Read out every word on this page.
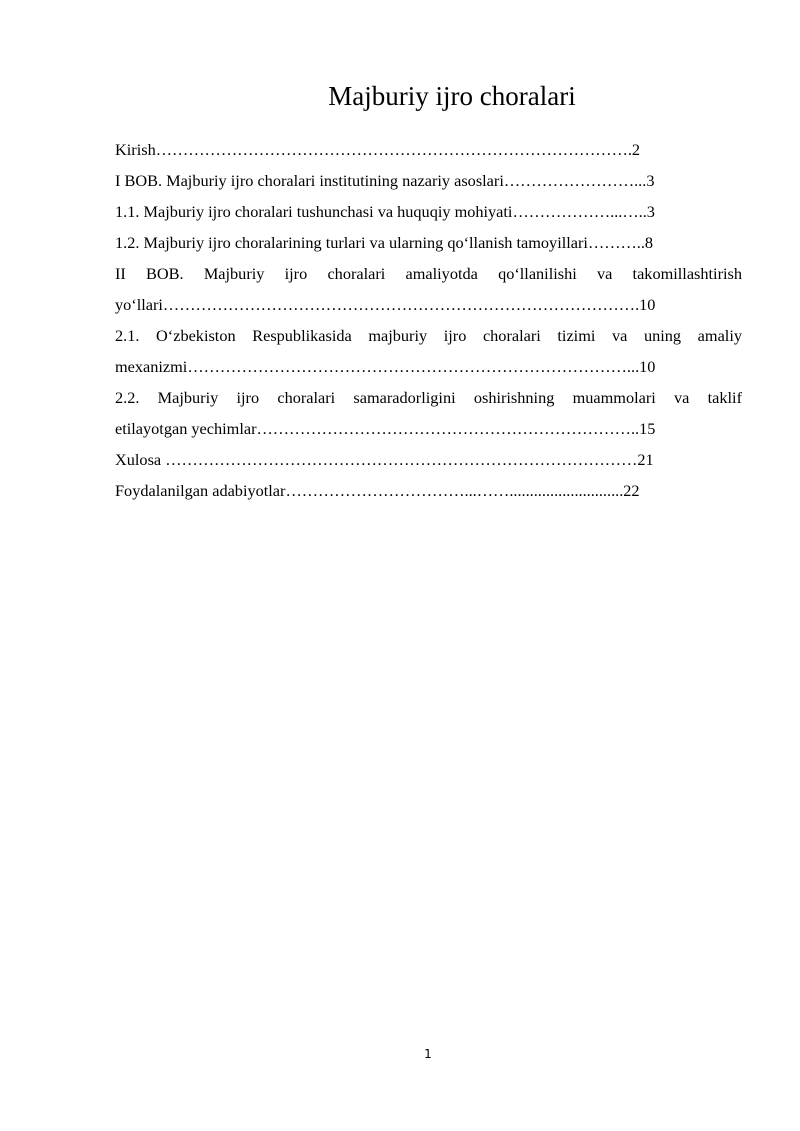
Majburiy ijro choralari
Kirish…………………………………………………………………………….2
I BOB. Majburiy ijro choralari institutining nazariy asoslari……………………...3
1.1. Majburiy ijro choralari tushunchasi va huquqiy mohiyati………………...…..3
1.2. Majburiy ijro choralarining turlari va ularning qo‘llanish tamoyillari………..8
II BOB. Majburiy ijro choralari amaliyotda qo‘llanilishi va takomillashtirish
yo‘llari…………………………………………………………………………….10
2.1. O‘zbekiston Respublikasida majburiy ijro choralari tizimi va uning amaliy
mexanizmi………………………………………………………………………...10
2.2. Majburiy ijro choralari samaradorligini oshirishning muammolari va taklif
etilayotgan yechimlar……………………………………………………………..15
Xulosa ……………………………………………………………………………21
Foydalanilgan adabiyotlar……………………………...……............................22
1
